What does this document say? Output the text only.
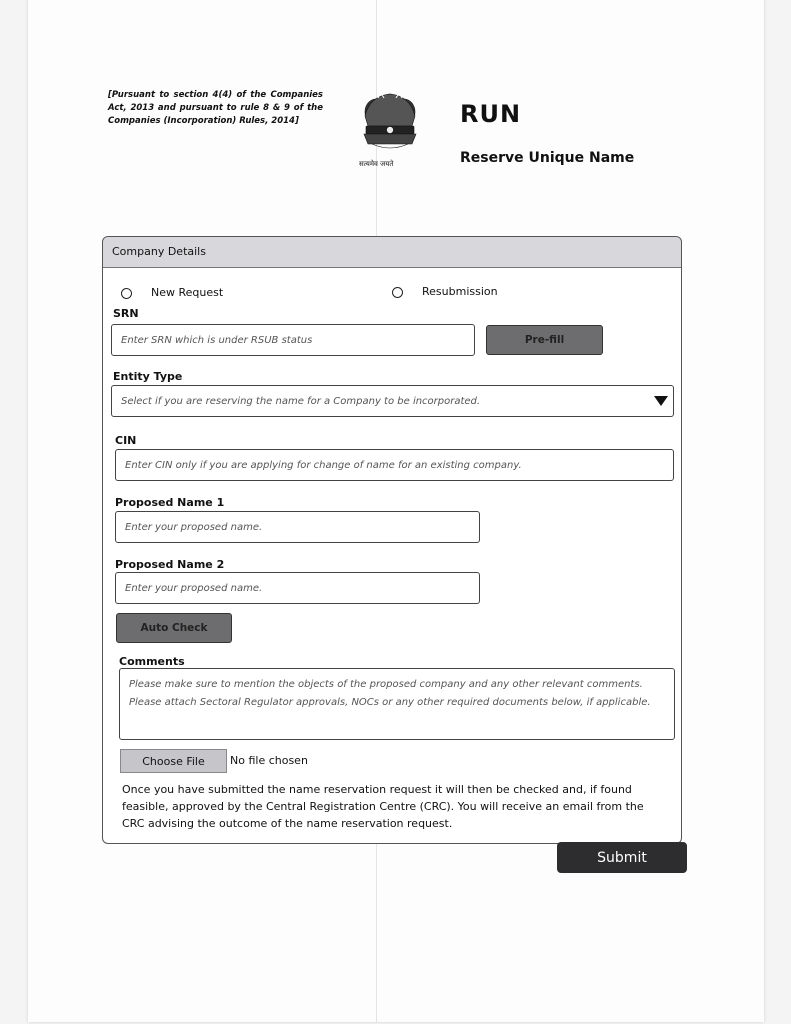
[Pursuant to section 4(4) of the Companies Act, 2013 and pursuant to rule 8 & 9 of the Companies (Incorporation) Rules, 2014]
सत्यमेव जयते
RUN
Reserve Unique Name
Company Details
New Request	Resubmission
SRN
Enter SRN which is under RSUB status	Pre-fill
Entity Type
Select if you are reserving the name for a Company to be incorporated.
CIN
Enter CIN only if you are applying for change of name for an existing company.
Proposed Name 1
Enter your proposed name.
Proposed Name 2
Enter your proposed name.
Auto Check
Comments
Please make sure to mention the objects of the proposed company and any other relevant comments. Please attach Sectoral Regulator approvals, NOCs or any other required documents below, if applicable.
Choose File	No file chosen
Once you have submitted the name reservation request it will then be checked and, if found feasible, approved by the Central Registration Centre (CRC). You will receive an email from the CRC advising the outcome of the name reservation request.
Submit
